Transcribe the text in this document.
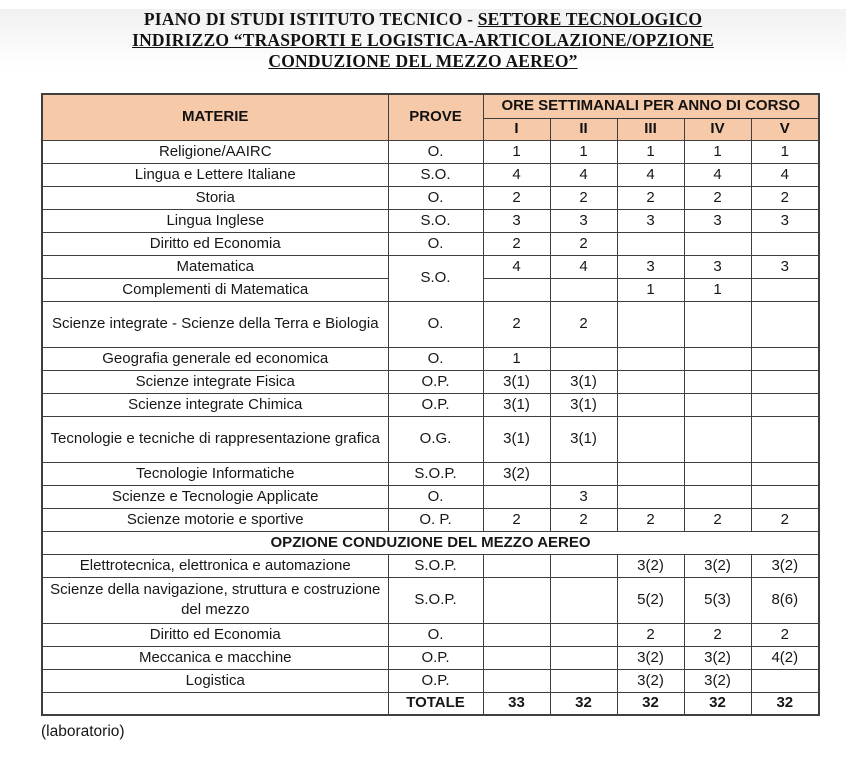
PIANO DI STUDI ISTITUTO TECNICO - SETTORE TECNOLOGICO
INDIRIZZO “TRASPORTI E LOGISTICA-ARTICOLAZIONE/OPZIONE
CONDUZIONE DEL MEZZO AEREO”
MATERIE	PROVE	ORE SETTIMANALI PER ANNO DI CORSO				
		I	II	III	IV	V
Religione/AAIRC	O.	1	1	1	1	1
Lingua e Lettere Italiane	S.O.	4	4	4	4	4
Storia	O.	2	2	2	2	2
Lingua Inglese	S.O.	3	3	3	3	3
Diritto ed Economia	O.	2	2			
Matematica	S.O.	4	4	3	3	3
Complementi di Matematica				1	1	
Scienze integrate - Scienze della Terra e Biologia	O.	2	2			
Geografia generale ed economica	O.	1				
Scienze integrate Fisica	O.P.	3(1)	3(1)			
Scienze integrate Chimica	O.P.	3(1)	3(1)			
Tecnologie e tecniche di rappresentazione grafica	O.G.	3(1)	3(1)			
Tecnologie Informatiche	S.O.P.	3(2)				
Scienze e Tecnologie Applicate	O.		3			
Scienze motorie e sportive	O. P.	2	2	2	2	2
OPZIONE CONDUZIONE DEL MEZZO AEREO						
Elettrotecnica, elettronica e automazione	S.O.P.			3(2)	3(2)	3(2)
Scienze della navigazione, struttura e costruzione del mezzo	S.O.P.			5(2)	5(3)	8(6)
Diritto ed Economia	O.			2	2	2
Meccanica e macchine	O.P.			3(2)	3(2)	4(2)
Logistica	O.P.			3(2)	3(2)	
	TOTALE	33	32	32	32	32
(laboratorio)
